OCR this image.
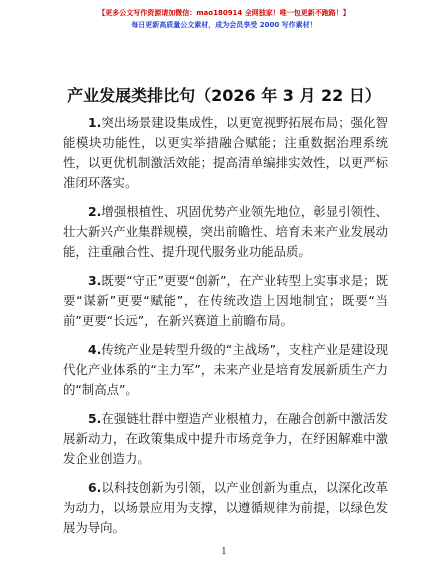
【更多公文写作资源请加微信：mao180914 全网独家！唯一包更新不跑路！】
每日更新高质量公文素材，成为会员享受 2000 写作素材！
产业发展类排比句（2026 年 3 月 22 日）

1.突出场景建设集成性，以更宽视野拓展布局；强化智能模块功能性，以更实举措融合赋能；注重数据治理系统性，以更优机制激活效能；提高清单编排实效性，以更严标准闭环落实。

2.增强根植性、巩固优势产业领先地位，彰显引领性、壮大新兴产业集群规模，突出前瞻性、培育未来产业发展动能，注重融合性、提升现代服务业功能品质。

3.既要“守正”更要“创新”，在产业转型上实事求是；既要“谋新”更要“赋能”，在传统改造上因地制宜；既要“当前”更要“长远”，在新兴赛道上前瞻布局。

4.传统产业是转型升级的“主战场”，支柱产业是建设现代化产业体系的“主力军”，未来产业是培育发展新质生产力的“制高点”。

5.在强链壮群中塑造产业根植力，在融合创新中激活发展新动力，在政策集成中提升市场竞争力，在纾困解难中激发企业创造力。

6.以科技创新为引领，以产业创新为重点，以深化改革为动力，以场景应用为支撑，以遵循规律为前提，以绿色发展为导向。

1
